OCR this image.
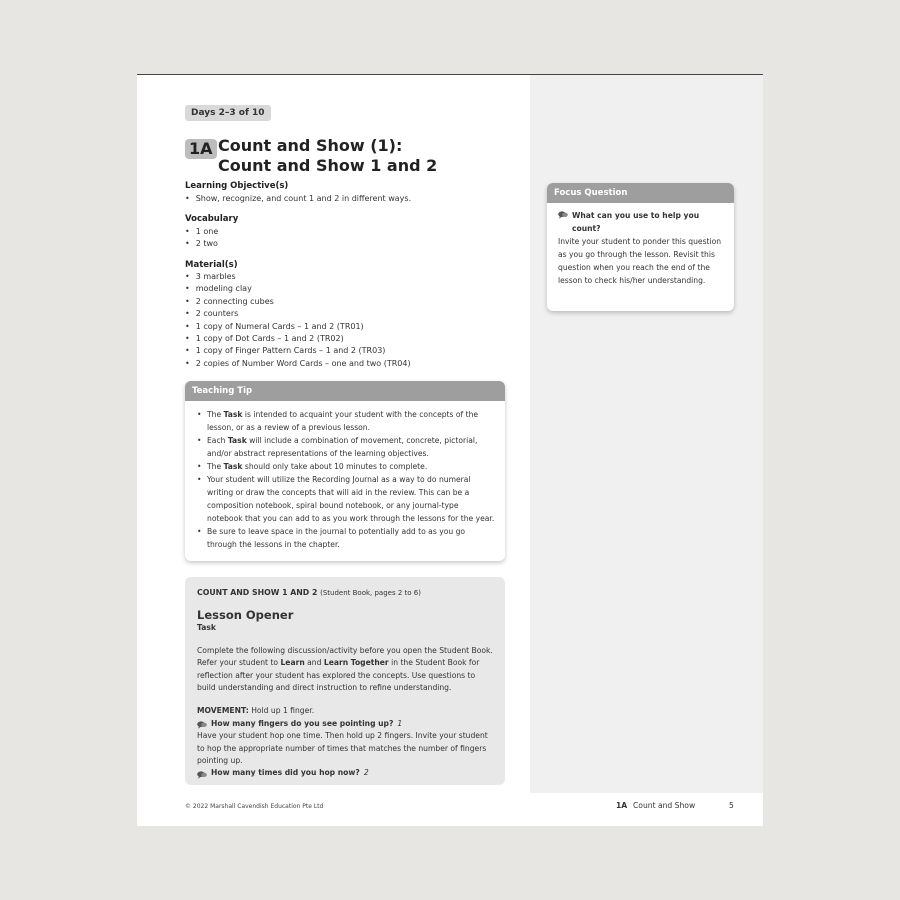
Days 2–3 of 10
1A Count and Show (1):
Count and Show 1 and 2
Learning Objective(s)
• Show, recognize, and count 1 and 2 in different ways.
Vocabulary
• 1 one
• 2 two
Material(s)
• 3 marbles
• modeling clay
• 2 connecting cubes
• 2 counters
• 1 copy of Numeral Cards – 1 and 2 (TR01)
• 1 copy of Dot Cards – 1 and 2 (TR02)
• 1 copy of Finger Pattern Cards – 1 and 2 (TR03)
• 2 copies of Number Word Cards – one and two (TR04)
Teaching Tip
• The Task is intended to acquaint your student with the concepts of the lesson, or as a review of a previous lesson.
• Each Task will include a combination of movement, concrete, pictorial, and/or abstract representations of the learning objectives.
• The Task should only take about 10 minutes to complete.
• Your student will utilize the Recording Journal as a way to do numeral writing or draw the concepts that will aid in the review. This can be a composition notebook, spiral bound notebook, or any journal-type notebook that you can add to as you work through the lessons for the year.
• Be sure to leave space in the journal to potentially add to as you go through the lessons in the chapter.
Focus Question
What can you use to help you count?

Invite your student to ponder this question as you go through the lesson. Revisit this question when you reach the end of the lesson to check his/her understanding.

COUNT AND SHOW 1 AND 2 (Student Book, pages 2 to 6)

Lesson Opener

Task

Complete the following discussion/activity before you open the Student Book. Refer your student to Learn and Learn Together in the Student Book for reflection after your student has explored the concepts. Use questions to build understanding and direct instruction to refine understanding.

MOVEMENT: Hold up 1 finger.

How many fingers do you see pointing up? 1

Have your student hop one time. Then hold up 2 fingers. Invite your student to hop the appropriate number of times that matches the number of fingers pointing up.

How many times did you hop now? 2
© 2022 Marshall Cavendish Education Pte Ltd	1A Count and Show	5
